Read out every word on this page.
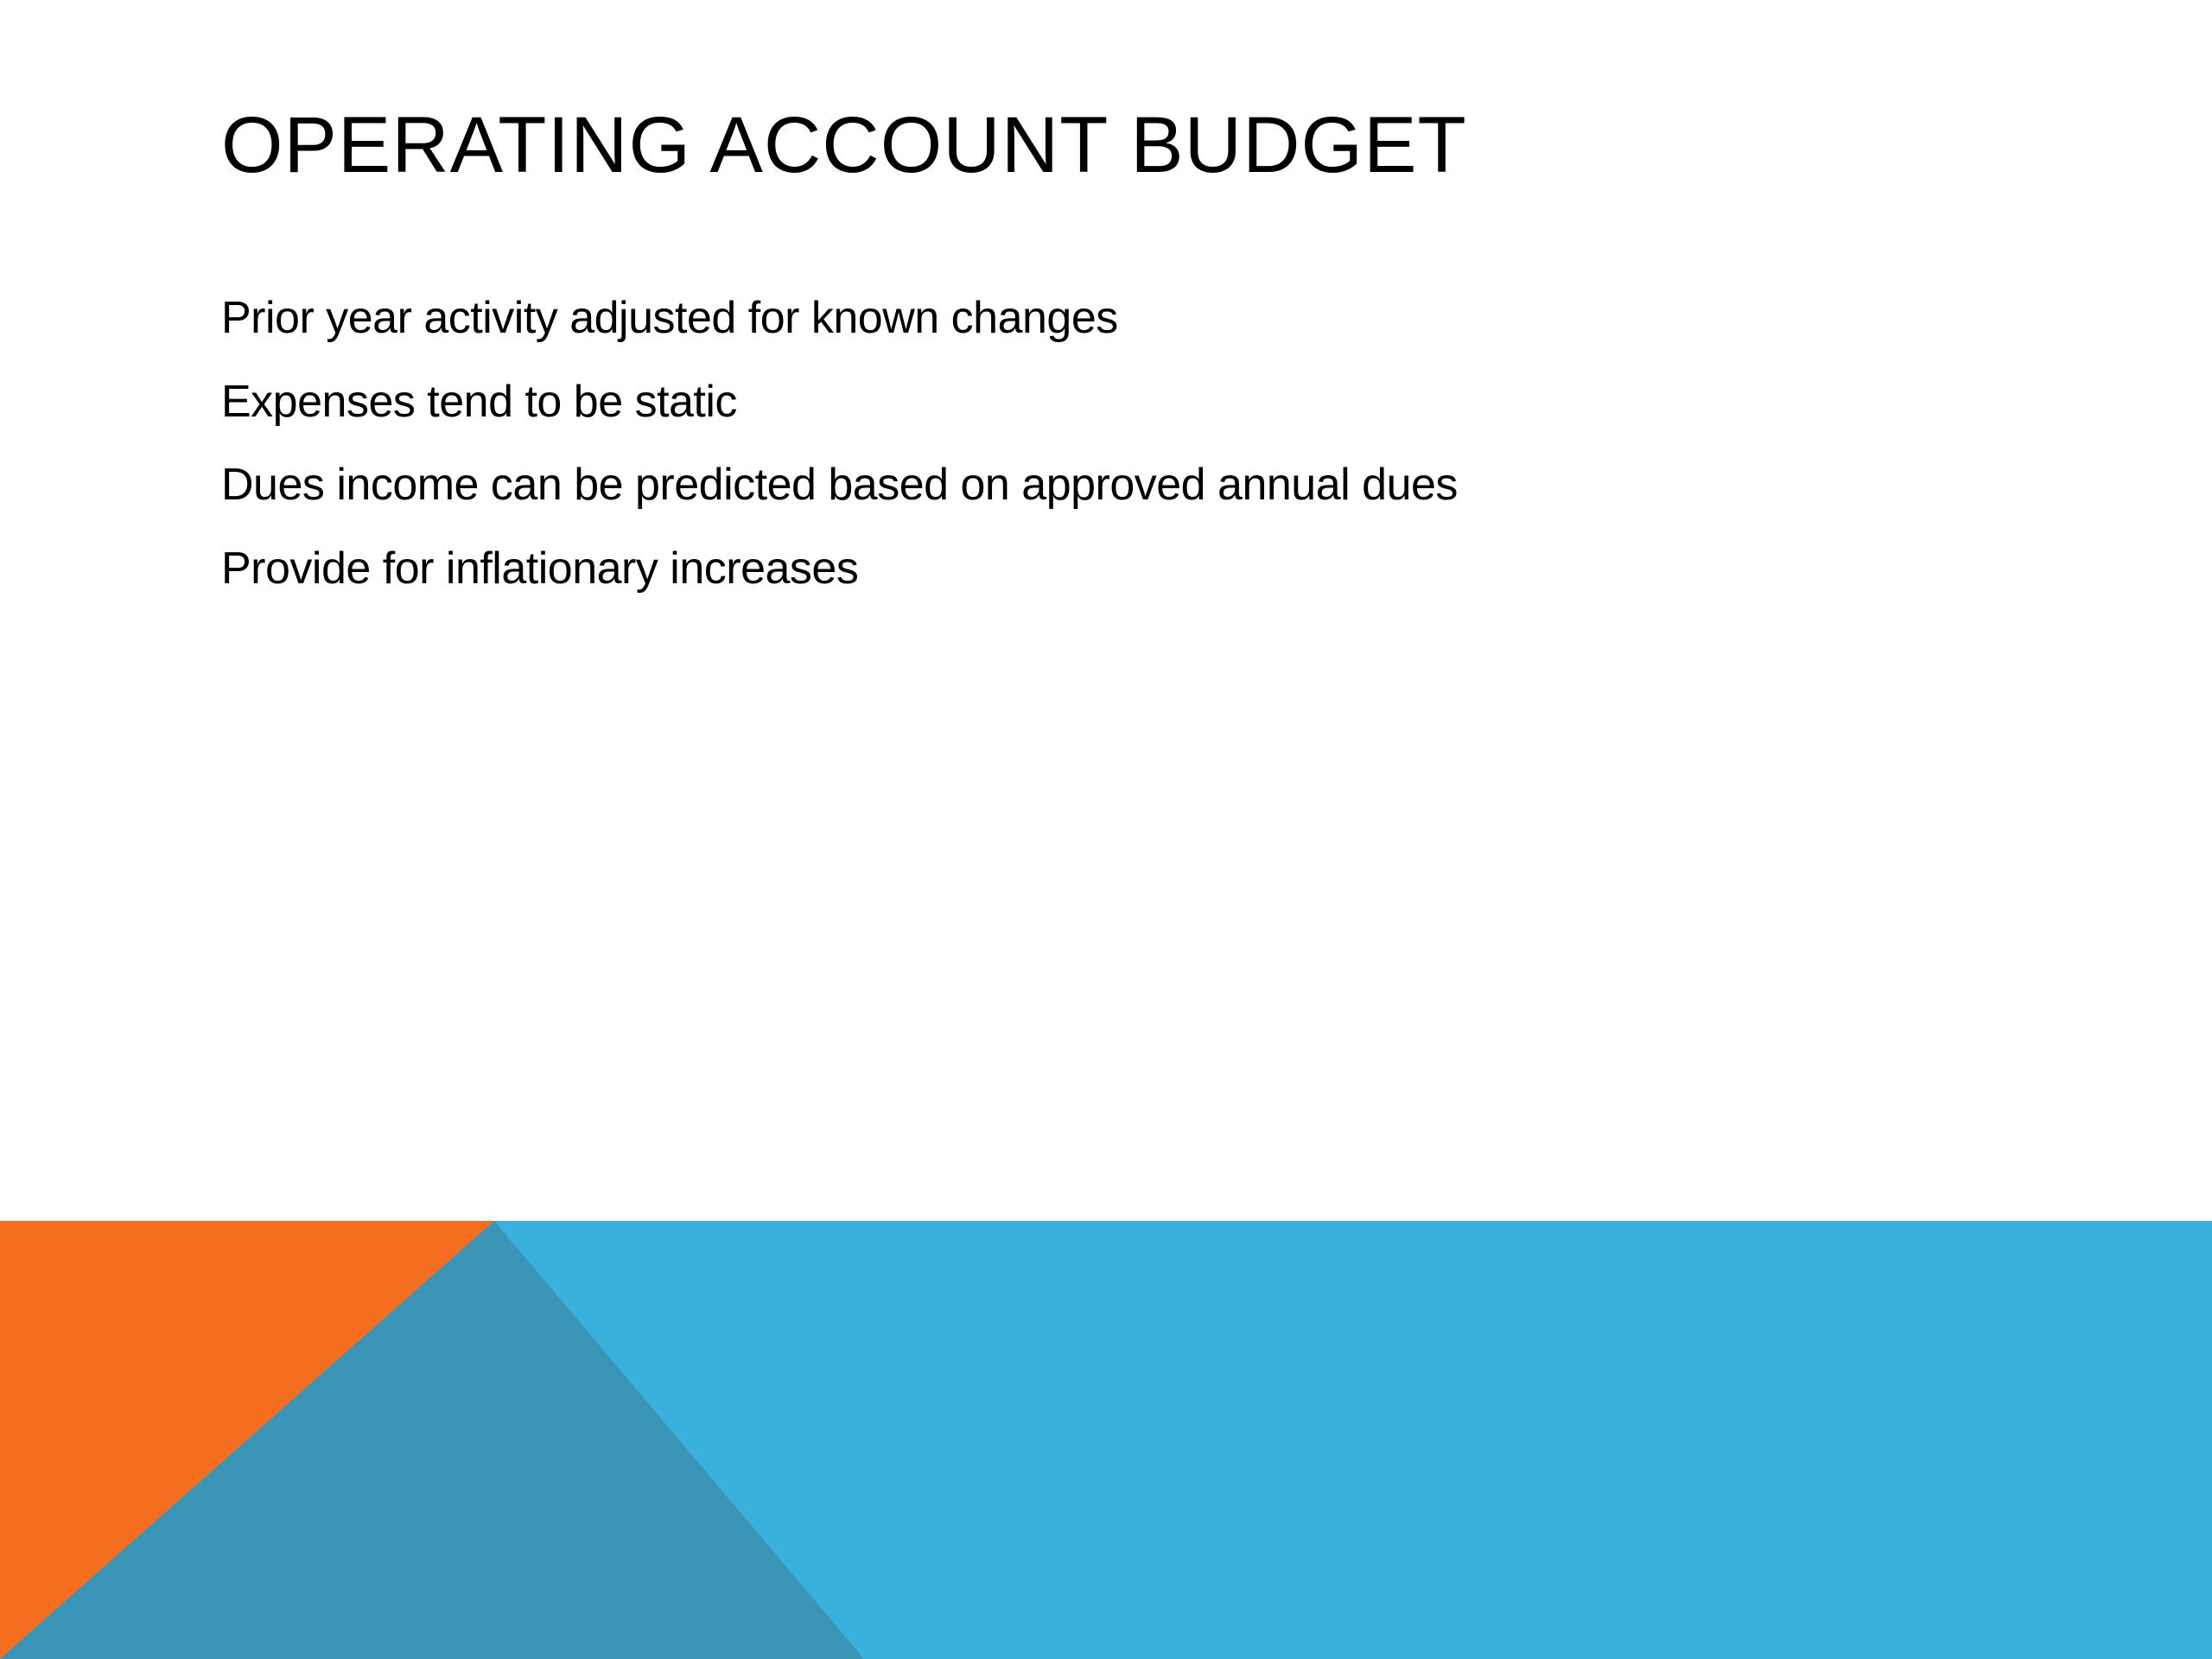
OPERATING ACCOUNT BUDGET
Prior year activity adjusted for known changes
Expenses tend to be static
Dues income can be predicted based on approved annual dues
Provide for inflationary increases
